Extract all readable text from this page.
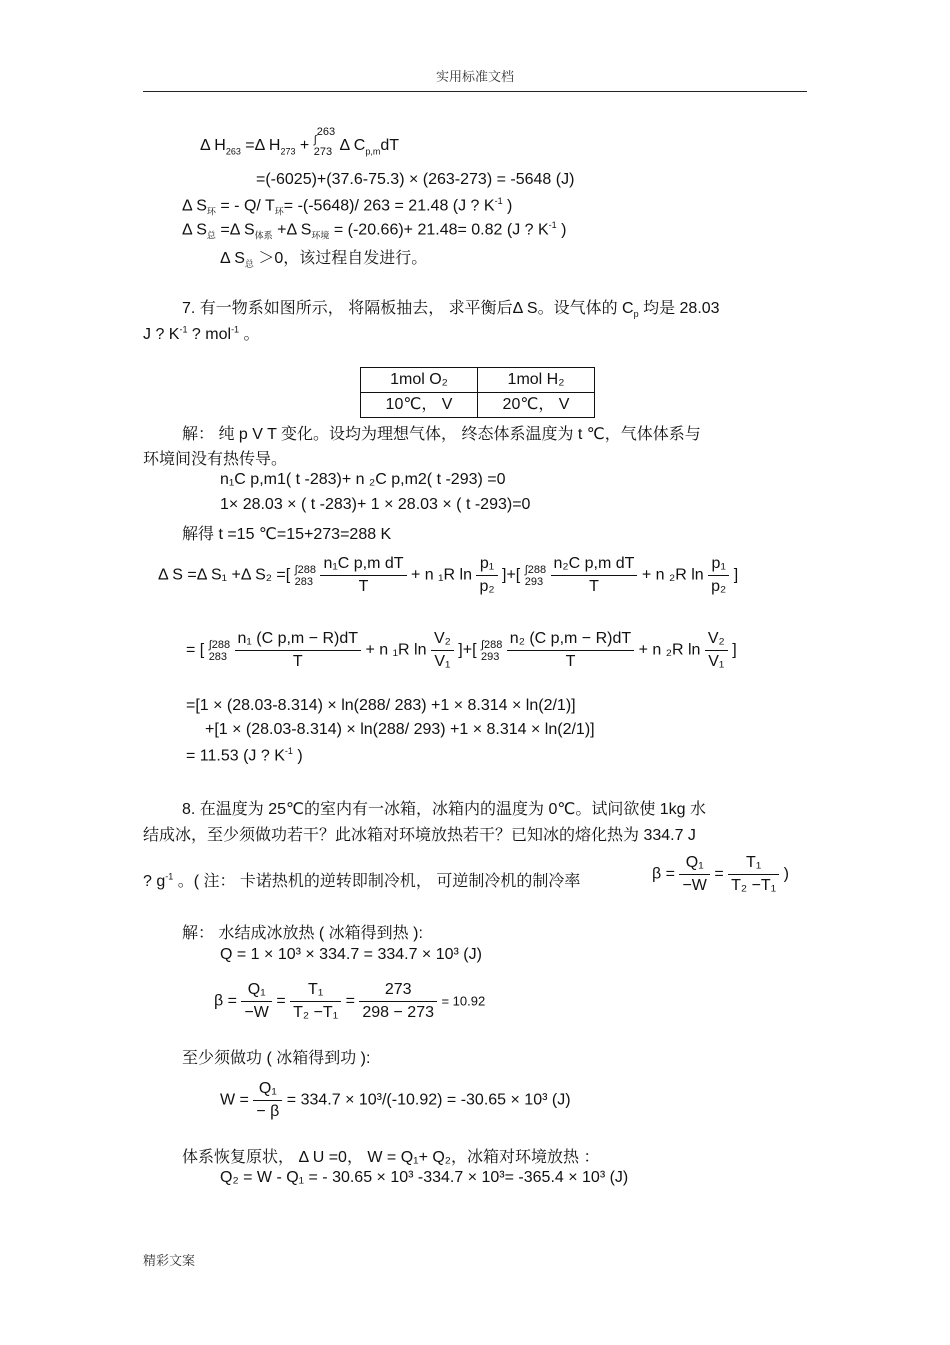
实用标准文档
Δ $H_{263} =\Delta$ $H_{273} + \int 263$
273 Δ $C_{p,m}dT$
=(-6025)+(37.6-75.3) × (263-273) = -5648 (J)
Δ $S_环$ = - Q/ $T_环= -(-5648)/$ 263 = 21.48 (J ? $K^{-1}$ )
Δ $S_总 =\Delta$ $S_{体系} +\Delta$ $S_{环境} = (-20.66)+ 21.48= 0.82$ (J ? $K^{-1}$ )
Δ $S_总 >0$，该过程自发进行。
7. 有一物系如图所示， 将隔板抽去， 求平衡后Δ S。设气体的 $C_p$ 均是 28.03
J ? $K^{-1}$ ? mol$^{-1}$ 。
1mol O₂	1mol H₂
10℃， V	20℃， V
解： 纯 p V T 变化。设均为理想气体， 终态体系温度为 t ℃，气体体系与
环境间没有热传导。
n₁C p,m1( t -283)+ n ₂C p,m2( t -293) =0
1× 28.03 × ( t -283)+ 1 × 28.03 × ( t -293)=0
解得 t =15 ℃=15+273=288 K
Δ S =Δ S₁ +Δ S₂ =[ ∫288
$283 \frac{\text{n₁C p,m dT}}{T} + n$ ₁R $\ln \frac{\text{p₁}}{\text{p₂}}$ ]+[ ∫288
$293 \frac{\text{n₂C p,m dT}}{T} + n$ ₂R $\ln \frac{\text{p₁}}{\text{p₂}}$ ]
= [ ∫288
$283 \frac{\text{n₁ (C p,m − R)dT}}{T} + n$ ₁R $\ln \frac{\text{V₂}}{\text{V₁}}$ ]+[ ∫288
$293 \frac{\text{n₂ (C p,m − R)dT}}{T} + n$ ₂R $\ln \frac{\text{V₂}}{\text{V₁}}$ ]
=[1 × (28.03-8.314) × ln(288/ 283) +1 × 8.314 × ln(2/1)]
+[1 × (28.03-8.314) × ln(288/ 293) +1 × 8.314 × ln(2/1)]
= 11.53 (J ? $K^{-1}$ )
8. 在温度为 25℃的室内有一冰箱，冰箱内的温度为 0℃。试问欲使 1kg 水
结成冰，至少须做功若干？此冰箱对环境放热若干？已知冰的熔化热为 334.7 J
? $g^{-1}$ 。( 注： 卡诺热机的逆转即制冷机， 可逆制冷机的制冷率	$\beta = \frac{\text{Q₁}}{-W} = \frac{\text{T₁}}{\text{T₂ −T₁}}$ )
解： 水结成冰放热 ( 冰箱得到热 ):
Q = 1 × 10³ × 334.7 = 334.7 × 10³ (J)
$\beta = \frac{\text{Q₁}}{-W} = \frac{\text{T₁}}{\text{T₂ −T₁}} = \frac{273}{298 - 273} = 10.92$
至少须做功 ( 冰箱得到功 ):
$W = \frac{\text{Q₁}}{- \beta} = 334.7 \times 10^3/(-10.92) = -30.65 \times 10^3$ (J)
体系恢复原状， Δ U =0， W = Q₁+ Q₂，冰箱对环境放热 ：
Q₂ = W - Q₁ = - 30.65 × 10³ -334.7 × 10³= -365.4 × 10³ (J)
精彩文案
